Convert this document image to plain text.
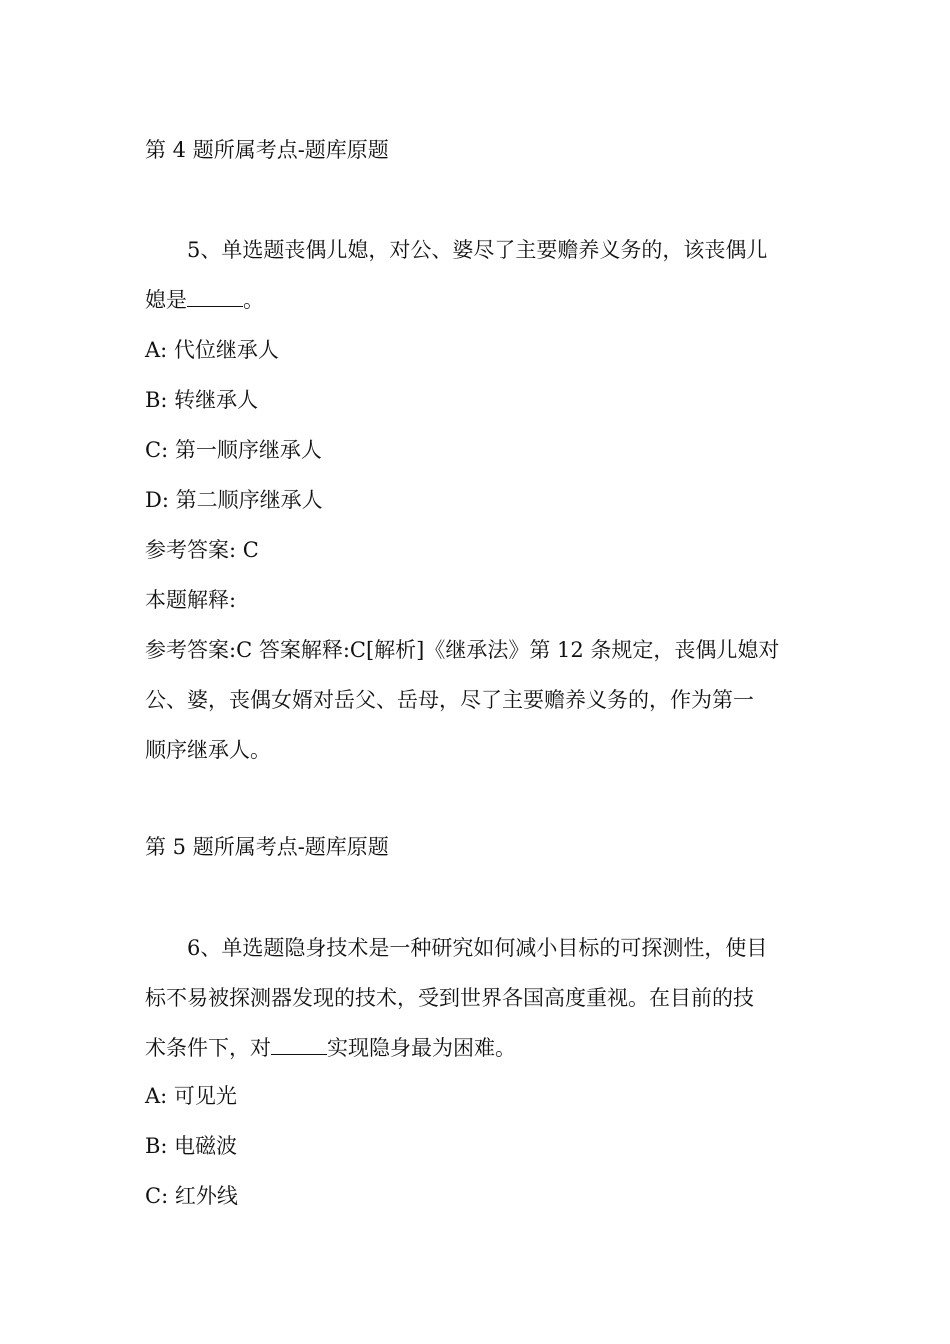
第 4 题所属考点-题库原题
5、单选题丧偶儿媳，对公、婆尽了主要赡养义务的，该丧偶儿
媳是	。
A: 代位继承人
B: 转继承人
C: 第一顺序继承人
D: 第二顺序继承人
参考答案: C
本题解释:
参考答案:C 答案解释:C[解析]《继承法》第 12 条规定，丧偶儿媳对
公、婆，丧偶女婿对岳父、岳母，尽了主要赡养义务的，作为第一
顺序继承人。
第 5 题所属考点-题库原题
6、单选题隐身技术是一种研究如何减小目标的可探测性，使目
标不易被探测器发现的技术，受到世界各国高度重视。在目前的技
术条件下，对	实现隐身最为困难。
A: 可见光
B: 电磁波
C: 红外线
